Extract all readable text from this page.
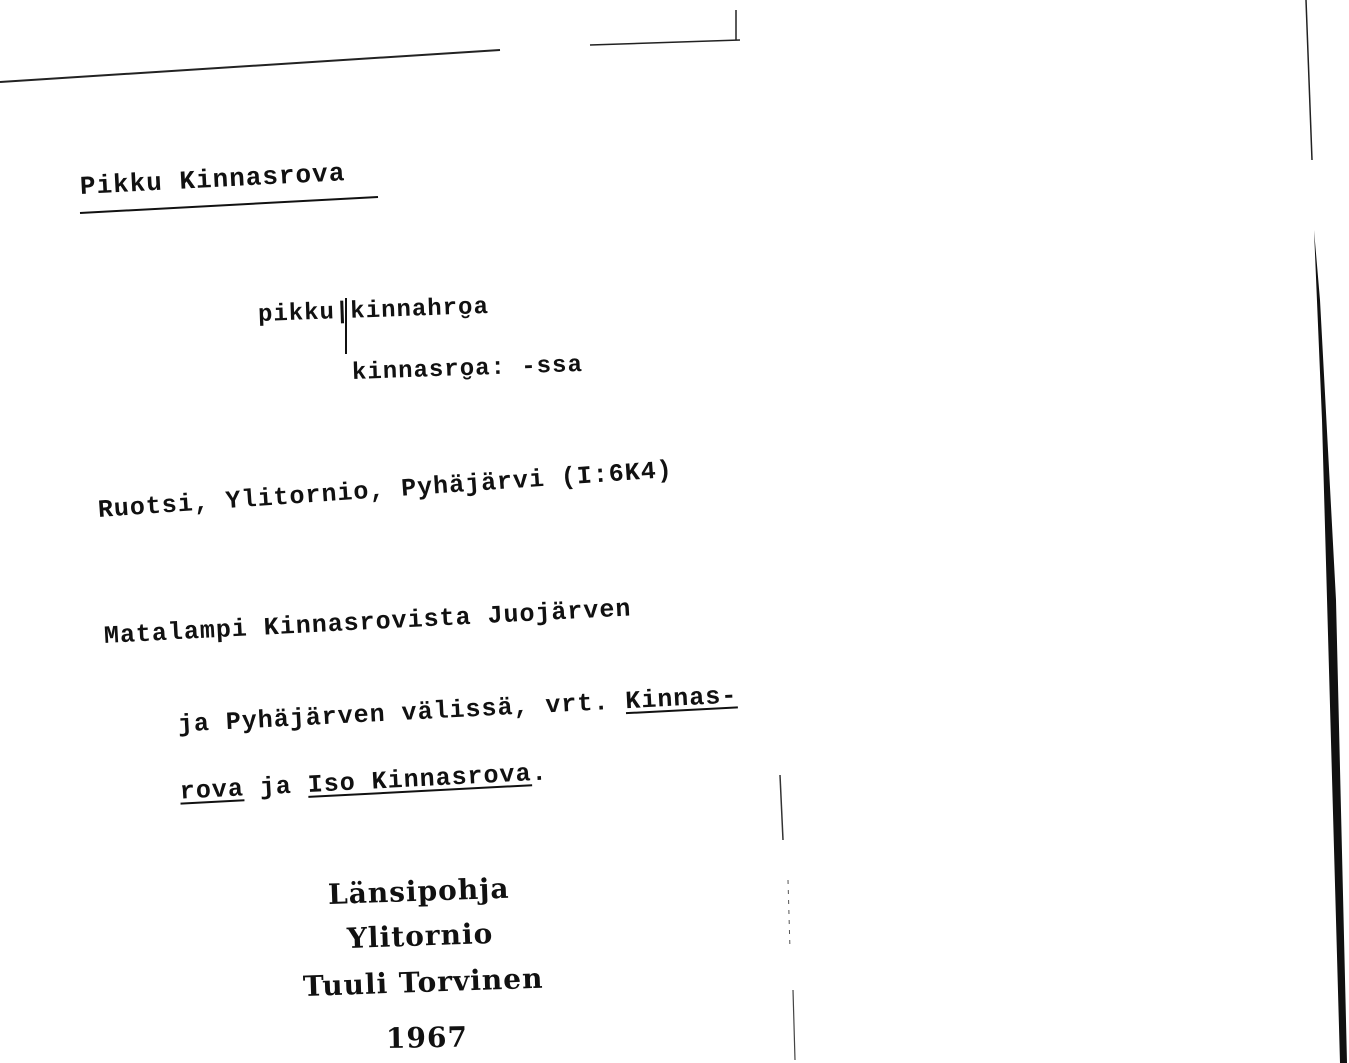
Pikku Kinnasrova
pikku|kinnahro̮a
kinnasro̮a: -ssa
Ruotsi, Ylitornio, Pyhäjärvi (I:6K4)
Matalampi Kinnasrovista Juojärven

ja Pyhäjärven välissä, vrt. Kinnas-

rova ja Iso Kinnasrova.

Länsipohja
Ylitornio
Tuuli Torvinen
1967
